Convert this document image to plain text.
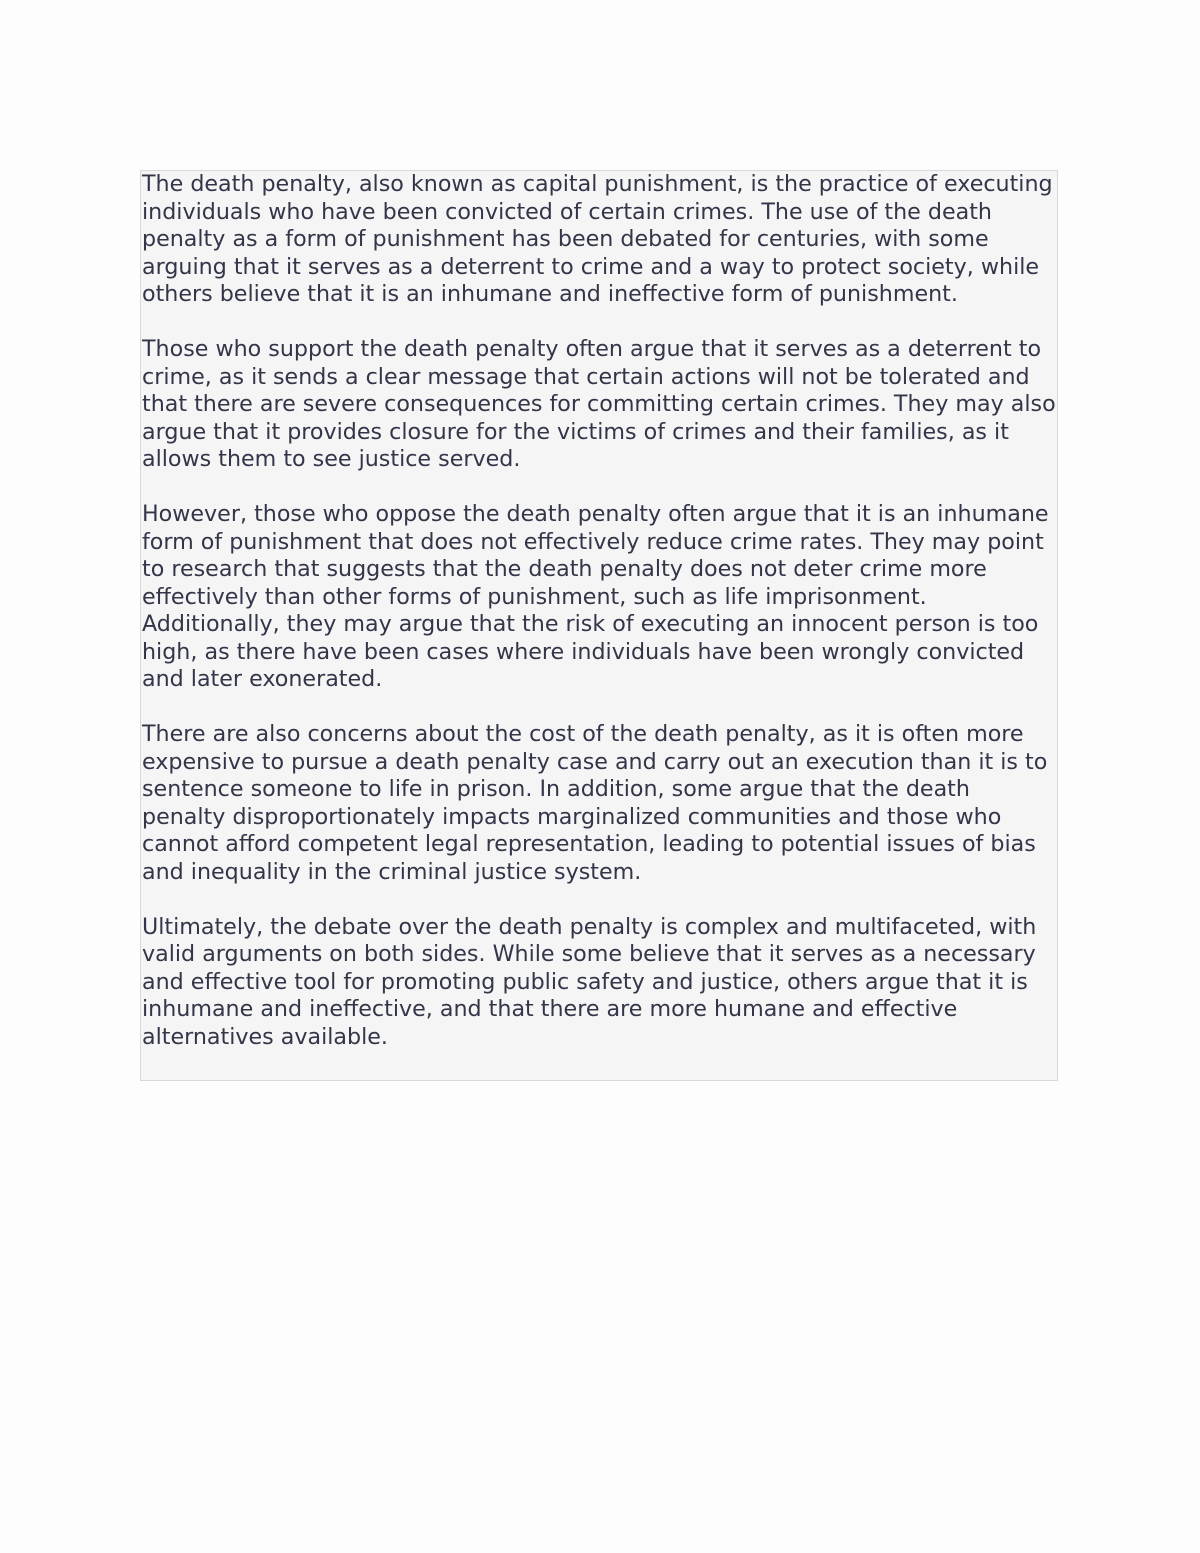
The death penalty, also known as capital punishment, is the practice of executing individuals who have been convicted of certain crimes. The use of the death penalty as a form of punishment has been debated for centuries, with some arguing that it serves as a deterrent to crime and a way to protect society, while others believe that it is an inhumane and ineffective form of punishment.

Those who support the death penalty often argue that it serves as a deterrent to crime, as it sends a clear message that certain actions will not be tolerated and that there are severe consequences for committing certain crimes. They may also argue that it provides closure for the victims of crimes and their families, as it allows them to see justice served.

However, those who oppose the death penalty often argue that it is an inhumane form of punishment that does not effectively reduce crime rates. They may point to research that suggests that the death penalty does not deter crime more effectively than other forms of punishment, such as life imprisonment. Additionally, they may argue that the risk of executing an innocent person is too high, as there have been cases where individuals have been wrongly convicted and later exonerated.

There are also concerns about the cost of the death penalty, as it is often more expensive to pursue a death penalty case and carry out an execution than it is to sentence someone to life in prison. In addition, some argue that the death penalty disproportionately impacts marginalized communities and those who cannot afford competent legal representation, leading to potential issues of bias and inequality in the criminal justice system.

Ultimately, the debate over the death penalty is complex and multifaceted, with valid arguments on both sides. While some believe that it serves as a necessary and effective tool for promoting public safety and justice, others argue that it is inhumane and ineffective, and that there are more humane and effective alternatives available.
